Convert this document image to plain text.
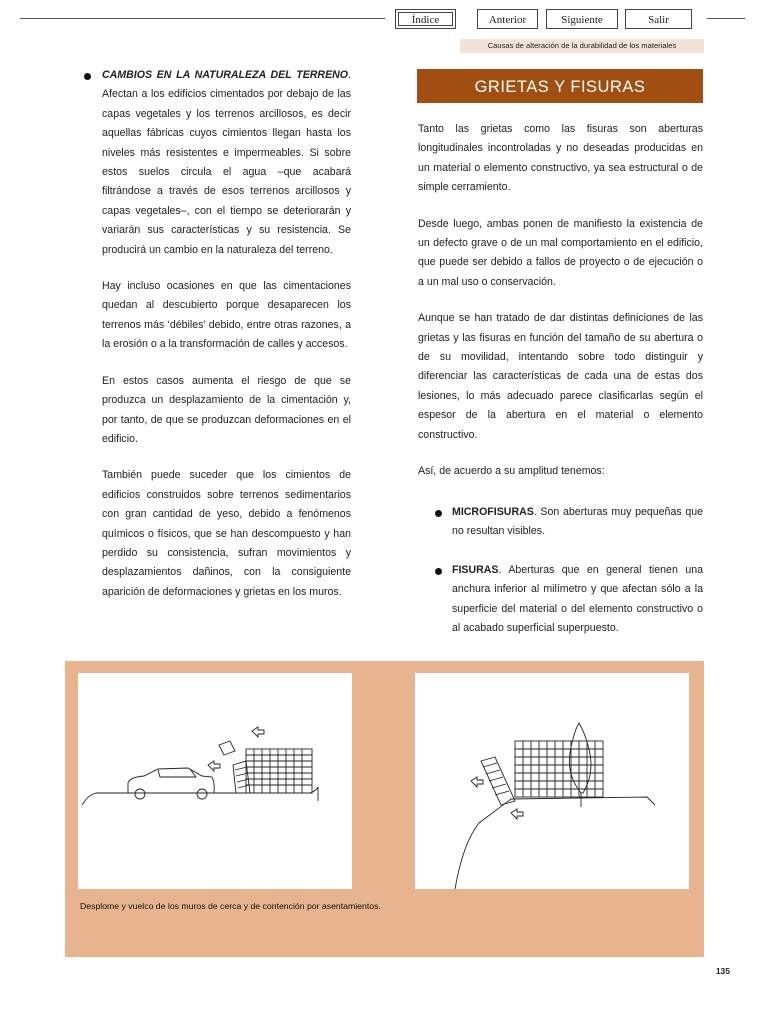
Índice	Anterior	Siguiente	Salir
Causas de alteración de la durabilidad de los materiales

CAMBIOS EN LA NATURALEZA DEL TERRENO. Afectan a los edificios cimentados por debajo de las capas vegetales y los terrenos arcillosos, es decir aquellas fábricas cuyos cimientos llegan hasta los niveles más resistentes e impermeables. Si sobre estos suelos circula el agua –que acabará filtrándose a través de esos terrenos arcillosos y capas vegetales–, con el tiempo se deteriorarán y variarán sus características y su resistencia. Se producirá un cambio en la naturaleza del terreno.

Hay incluso ocasiones en que las cimentaciones quedan al descubierto porque desaparecen los terrenos más ‘débiles’ debido, entre otras razones, a la erosión o a la transformación de calles y accesos.

En estos casos aumenta el riesgo de que se produzca un desplazamiento de la cimentación y, por tanto, de que se produzcan deformaciones en el edificio.

También puede suceder que los cimientos de edificios construidos sobre terrenos sedimentarios con gran cantidad de yeso, debido a fenómenos químicos o físicos, que se han descompuesto y han perdido su consistencia, sufran movimientos y desplazamientos dañinos, con la consiguiente aparición de deformaciones y grietas en los muros.

GRIETAS Y FISURAS

Tanto las grietas como las fisuras son aberturas longitudinales incontroladas y no deseadas producidas en un material o elemento constructivo, ya sea estructural o de simple cerramiento.

Desde luego, ambas ponen de manifiesto la existencia de un defecto grave o de un mal comportamiento en el edificio, que puede ser debido a fallos de proyecto o de ejecución o a un mal uso o conservación.

Aunque se han tratado de dar distintas definiciones de las grietas y las fisuras en función del tamaño de su abertura o de su movilidad, intentando sobre todo distinguir y diferenciar las características de cada una de estas dos lesiones, lo más adecuado parece clasificarlas según el espesor de la abertura en el material o elemento constructivo.

Así, de acuerdo a su amplitud tenemos:

MICROFISURAS. Son aberturas muy pequeñas que no resultan visibles.
FISURAS. Aberturas que en general tienen una anchura inferior al milímetro y que afectan sólo a la superficie del material o del elemento constructivo o al acabado superficial superpuesto.
Desplome y vuelco de los muros de cerca y de contención por asentamientos.
135
